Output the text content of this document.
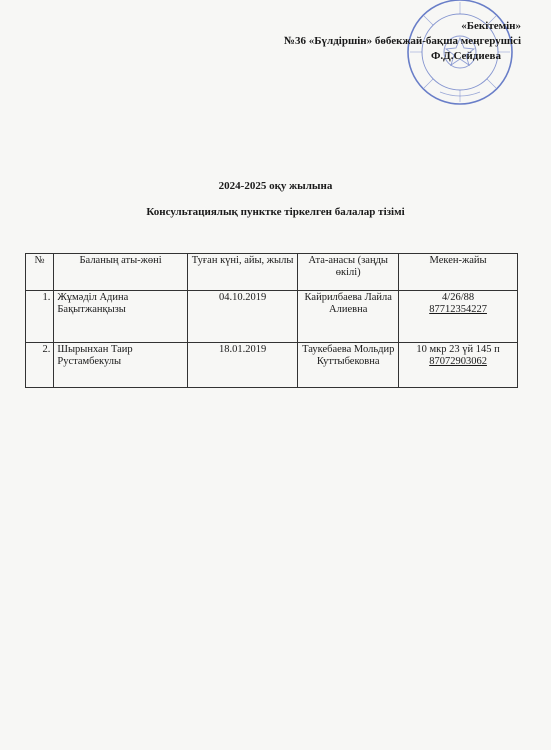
«Бекітемін»
№36 «Бүлдіршін» бөбекжай-бақша меңгерушісі
Ф.Д.Сейдиева
2024-2025 оқу жылына
Консультациялық пунктке тіркелген балалар тізімі
№	Баланың аты-жөні	Туған күні, айы, жылы	Ата-анасы (заңды өкілі)	Мекен-жайы
1.	Жұмәділ Адина Бақытжанқызы	04.10.2019	Кайрилбаева Лайла Алиевна	4/26/88
87712354227

2.	Шырынхан Таир Рустамбекулы	18.01.2019	Таукебаева Мольдир Куттыбековна	10 мкр 23 үй 145 п
87072903062
